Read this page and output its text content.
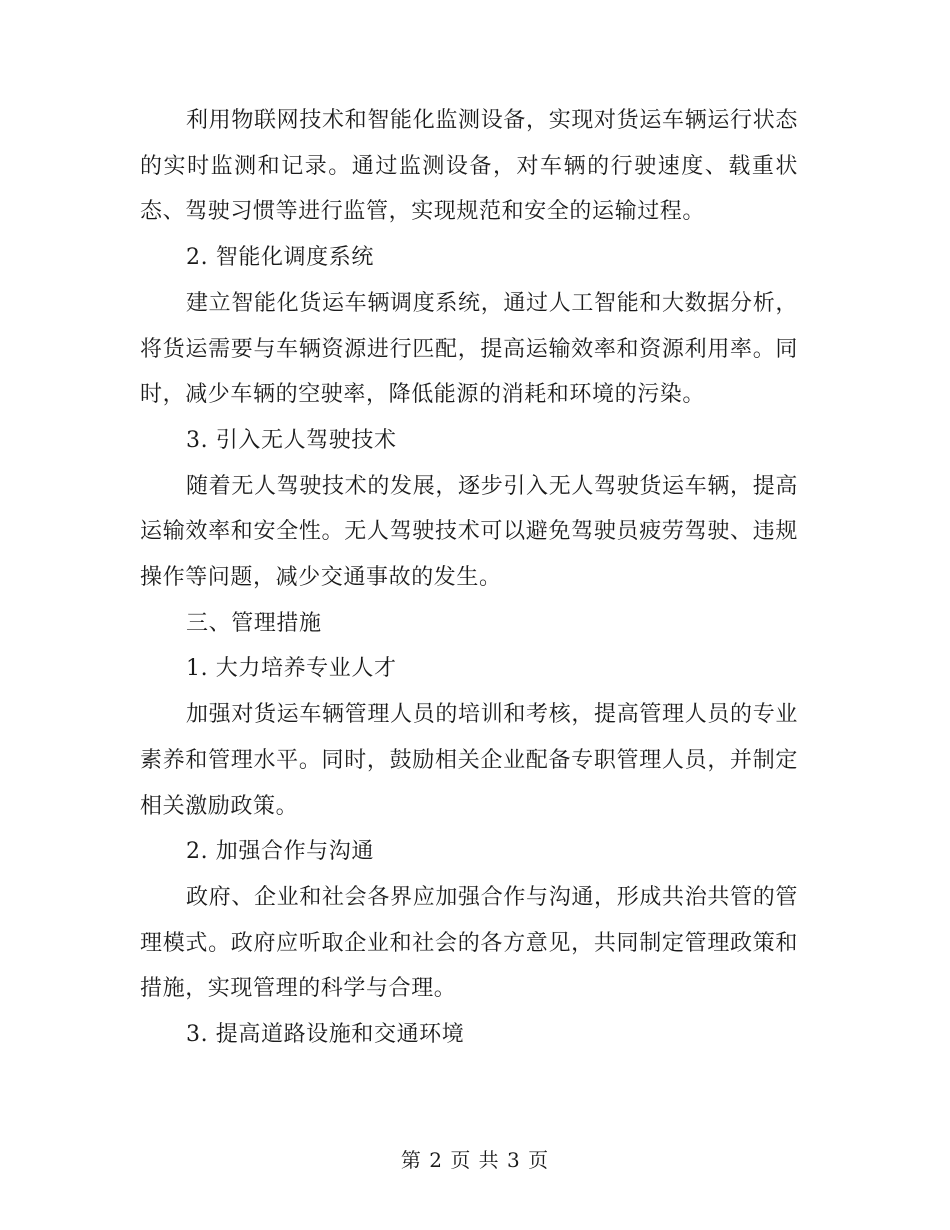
利用物联网技术和智能化监测设备，实现对货运车辆运行状态的实时监测和记录。通过监测设备，对车辆的行驶速度、载重状态、驾驶习惯等进行监管，实现规范和安全的运输过程。

2. 智能化调度系统

建立智能化货运车辆调度系统，通过人工智能和大数据分析，将货运需要与车辆资源进行匹配，提高运输效率和资源利用率。同时，减少车辆的空驶率，降低能源的消耗和环境的污染。

3. 引入无人驾驶技术

随着无人驾驶技术的发展，逐步引入无人驾驶货运车辆，提高运输效率和安全性。无人驾驶技术可以避免驾驶员疲劳驾驶、违规操作等问题，减少交通事故的发生。

三、管理措施

1. 大力培养专业人才

加强对货运车辆管理人员的培训和考核，提高管理人员的专业素养和管理水平。同时，鼓励相关企业配备专职管理人员，并制定相关激励政策。

2. 加强合作与沟通

政府、企业和社会各界应加强合作与沟通，形成共治共管的管理模式。政府应听取企业和社会的各方意见，共同制定管理政策和措施，实现管理的科学与合理。

3. 提高道路设施和交通环境

第 2 页 共 3 页
